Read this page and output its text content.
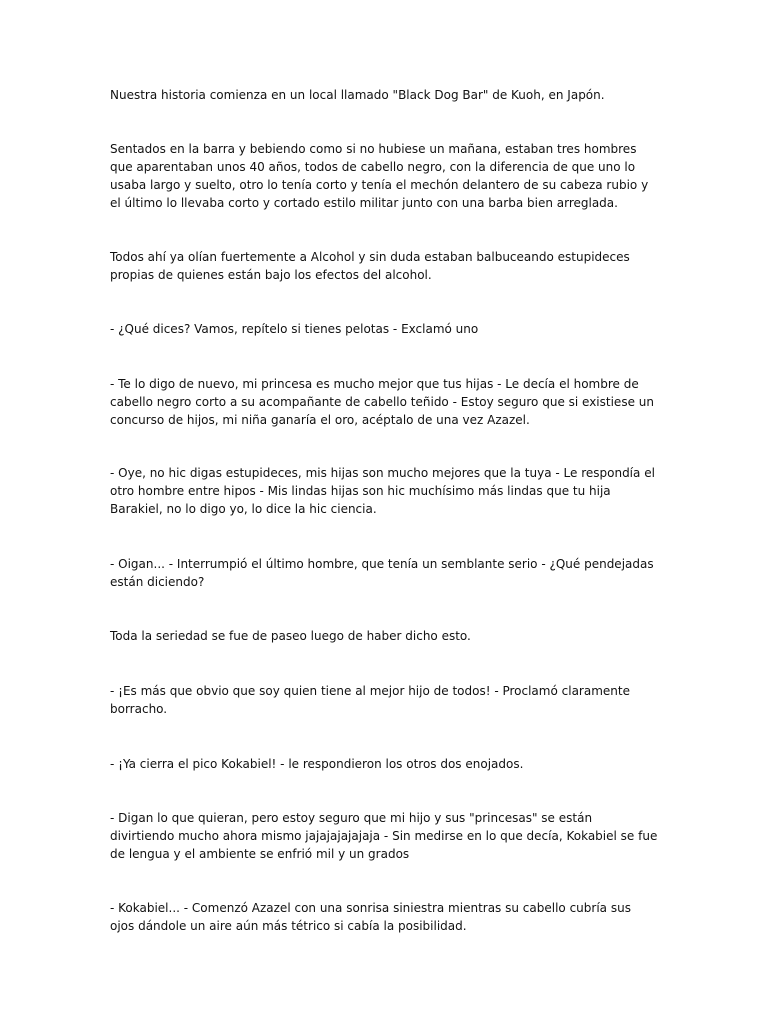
Nuestra historia comienza en un local llamado "Black Dog Bar" de Kuoh, en Japón.

Sentados en la barra y bebiendo como si no hubiese un mañana, estaban tres hombres que aparentaban unos 40 años, todos de cabello negro, con la diferencia de que uno lo usaba largo y suelto, otro lo tenía corto y tenía el mechón delantero de su cabeza rubio y el último lo llevaba corto y cortado estilo militar junto con una barba bien arreglada.

Todos ahí ya olían fuertemente a Alcohol y sin duda estaban balbuceando estupideces propias de quienes están bajo los efectos del alcohol.

- ¿Qué dices? Vamos, repítelo si tienes pelotas - Exclamó uno

- Te lo digo de nuevo, mi princesa es mucho mejor que tus hijas - Le decía el hombre de cabello negro corto a su acompañante de cabello teñido - Estoy seguro que si existiese un concurso de hijos, mi niña ganaría el oro, acéptalo de una vez Azazel.

- Oye, no hic digas estupideces, mis hijas son mucho mejores que la tuya - Le respondía el otro hombre entre hipos - Mis lindas hijas son hic muchísimo más lindas que tu hija Barakiel, no lo digo yo, lo dice la hic ciencia.

- Oigan... - Interrumpió el último hombre, que tenía un semblante serio - ¿Qué pendejadas están diciendo?

Toda la seriedad se fue de paseo luego de haber dicho esto.

- ¡Es más que obvio que soy quien tiene al mejor hijo de todos! - Proclamó claramente borracho.

- ¡Ya cierra el pico Kokabiel! - le respondieron los otros dos enojados.

- Digan lo que quieran, pero estoy seguro que mi hijo y sus "princesas" se están divirtiendo mucho ahora mismo jajajajajajaja - Sin medirse en lo que decía, Kokabiel se fue de lengua y el ambiente se enfrió mil y un grados

- Kokabiel... - Comenzó Azazel con una sonrisa siniestra mientras su cabello cubría sus ojos dándole un aire aún más tétrico si cabía la posibilidad.
